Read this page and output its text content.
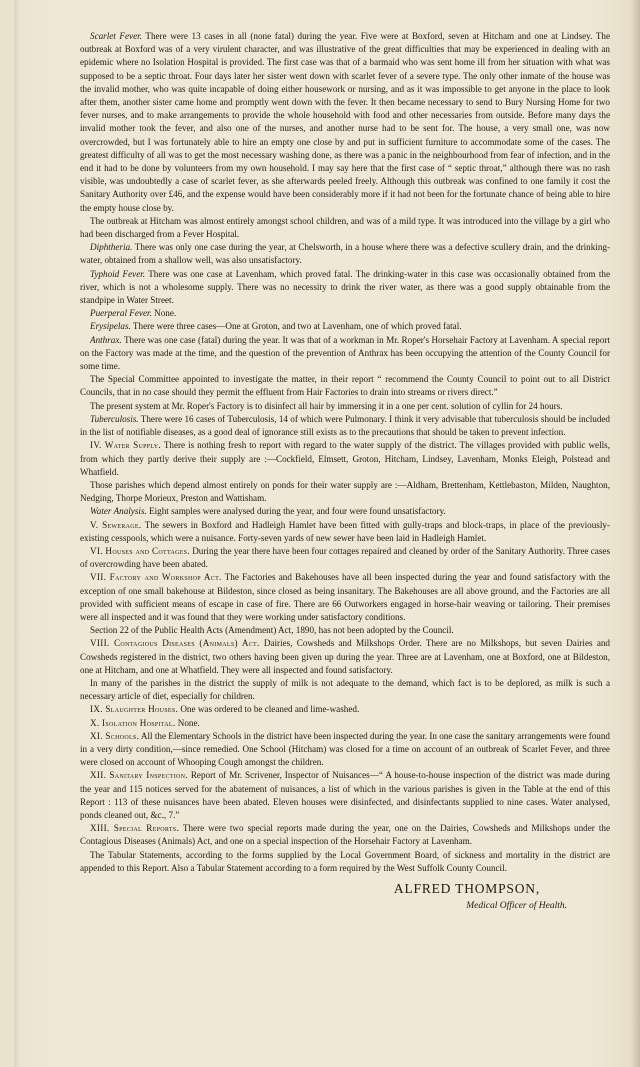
Scarlet Fever. There were 13 cases in all (none fatal) during the year. Five were at Boxford, seven at Hitcham and one at Lindsey. The outbreak at Boxford was of a very virulent character, and was illustrative of the great difficulties that may be experienced in dealing with an epidemic where no Isolation Hospital is provided. The first case was that of a barmaid who was sent home ill from her situation with what was supposed to be a septic throat. Four days later her sister went down with scarlet fever of a severe type. The only other inmate of the house was the invalid mother, who was quite incapable of doing either housework or nursing, and as it was impossible to get anyone in the place to look after them, another sister came home and promptly went down with the fever. It then became necessary to send to Bury Nursing Home for two fever nurses, and to make arrangements to provide the whole household with food and other necessaries from outside. Before many days the invalid mother took the fever, and also one of the nurses, and another nurse had to be sent for. The house, a very small one, was now overcrowded, but I was fortunately able to hire an empty one close by and put in sufficient furniture to accommodate some of the cases. The greatest difficulty of all was to get the most necessary washing done, as there was a panic in the neighbourhood from fear of infection, and in the end it had to be done by volunteers from my own household. I may say here that the first case of “ septic throat,” although there was no rash visible, was undoubtedly a case of scarlet fever, as she afterwards peeled freely. Although this outbreak was confined to one family it cost the Sanitary Authority over £46, and the expense would have been considerably more if it had not been for the fortunate chance of being able to hire the empty house close by.

The outbreak at Hitcham was almost entirely amongst school children, and was of a mild type. It was introduced into the village by a girl who had been discharged from a Fever Hospital.

Diphtheria. There was only one case during the year, at Chelsworth, in a house where there was a defective scullery drain, and the drinking-water, obtained from a shallow well, was also unsatisfactory.

Typhoid Fever. There was one case at Lavenham, which proved fatal. The drinking-water in this case was occasionally obtained from the river, which is not a wholesome supply. There was no necessity to drink the river water, as there was a good supply obtainable from the standpipe in Water Street.

Puerperal Fever. None.

Erysipelas. There were three cases—One at Groton, and two at Lavenham, one of which proved fatal.

Anthrax. There was one case (fatal) during the year. It was that of a workman in Mr. Roper's Horsehair Factory at Lavenham. A special report on the Factory was made at the time, and the question of the prevention of Anthrax has been occupying the attention of the County Council for some time.

The Special Committee appointed to investigate the matter, in their report “ recommend the County Council to point out to all District Councils, that in no case should they permit the effluent from Hair Factories to drain into streams or rivers direct.”

The present system at Mr. Roper's Factory is to disinfect all hair by immersing it in a one per cent. solution of cyllin for 24 hours.

Tuberculosis. There were 16 cases of Tuberculosis, 14 of which were Pulmonary. I think it very advisable that tuberculosis should be included in the list of notifiable diseases, as a good deal of ignorance still exists as to the precautions that should be taken to prevent infection.

IV. Water Supply. There is nothing fresh to report with regard to the water supply of the district. The villages provided with public wells, from which they partly derive their supply are :—Cockfield, Elmsett, Groton, Hitcham, Lindsey, Lavenham, Monks Eleigh, Polstead and Whatfield.

Those parishes which depend almost entirely on ponds for their water supply are :—Aldham, Brettenham, Kettlebaston, Milden, Naughton, Nedging, Thorpe Morieux, Preston and Wattisham.

Water Analysis. Eight samples were analysed during the year, and four were found unsatisfactory.

V. Sewerage. The sewers in Boxford and Hadleigh Hamlet have been fitted with gully-traps and block-traps, in place of the previously-existing cesspools, which were a nuisance. Forty-seven yards of new sewer have been laid in Hadleigh Hamlet.

VI. Houses and Cottages. During the year there have been four cottages repaired and cleaned by order of the Sanitary Authority. Three cases of overcrowding have been abated.

VII. Factory and Workshop Act. The Factories and Bakehouses have all been inspected during the year and found satisfactory with the exception of one small bakehouse at Bildeston, since closed as being insanitary. The Bakehouses are all above ground, and the Factories are all provided with sufficient means of escape in case of fire. There are 66 Outworkers engaged in horse-hair weaving or tailoring. Their premises were all inspected and it was found that they were working under satisfactory conditions.

Section 22 of the Public Health Acts (Amendment) Act, 1890, has not been adopted by the Council.

VIII. Contagious Diseases (Animals) Act. Dairies, Cowsheds and Milkshops Order. There are no Milkshops, but seven Dairies and Cowsheds registered in the district, two others having been given up during the year. Three are at Lavenham, one at Boxford, one at Bildeston, one at Hitcham, and one at Whatfield. They were all inspected and found satisfactory.

In many of the parishes in the district the supply of milk is not adequate to the demand, which fact is to be deplored, as milk is such a necessary article of diet, especially for children.

IX. Slaughter Houses. One was ordered to be cleaned and lime-washed.

X. Isolation Hospital. None.

XI. Schools. All the Elementary Schools in the district have been inspected during the year. In one case the sanitary arrangements were found in a very dirty condition,—since remedied. One School (Hitcham) was closed for a time on account of an outbreak of Scarlet Fever, and three were closed on account of Whooping Cough amongst the children.

XII. Sanitary Inspection. Report of Mr. Scrivener, Inspector of Nuisances—“ A house-to-house inspection of the district was made during the year and 115 notices served for the abatement of nuisances, a list of which in the various parishes is given in the Table at the end of this Report : 113 of these nuisances have been abated. Eleven houses were disinfected, and disinfectants supplied to nine cases. Water analysed, ponds cleaned out, &c., 7.”

XIII. Special Reports. There were two special reports made during the year, one on the Dairies, Cowsheds and Milkshops under the Contagious Diseases (Animals) Act, and one on a special inspection of the Horsehair Factory at Lavenham.

The Tabular Statements, according to the forms supplied by the Local Government Board, of sickness and mortality in the district are appended to this Report. Also a Tabular Statement according to a form required by the West Suffolk County Council.

ALFRED THOMPSON,
Medical Officer of Health.
